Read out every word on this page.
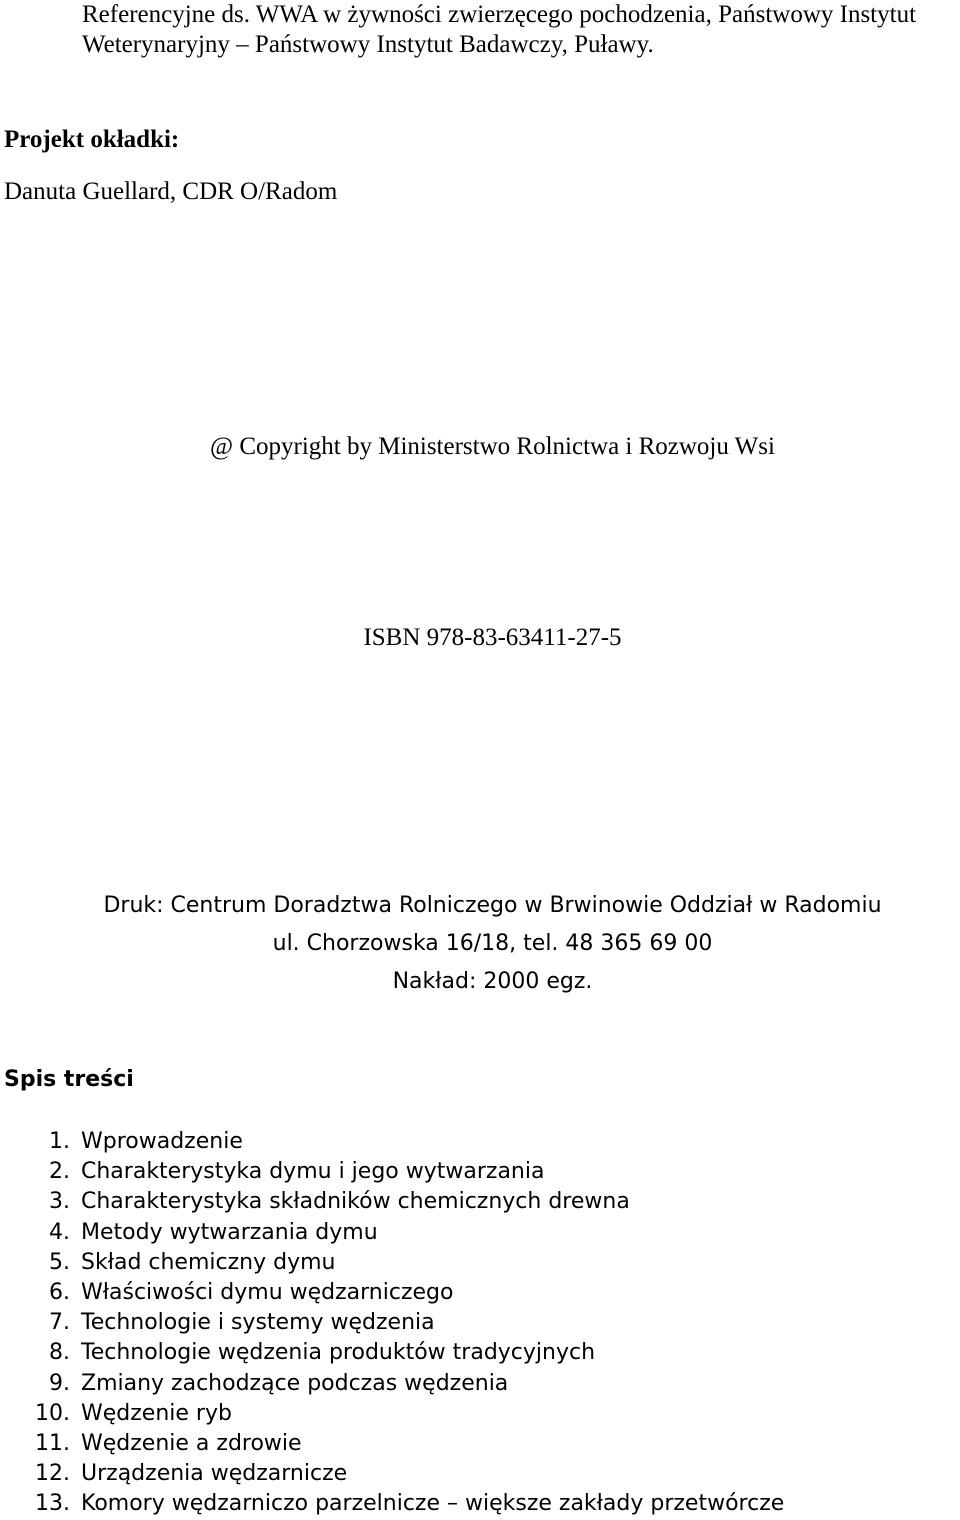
Referencyjne ds. WWA w żywności zwierzęcego pochodzenia, Państwowy Instytut
Weterynaryjny – Państwowy Instytut Badawczy, Puławy.
Projekt okładki:
Danuta Guellard, CDR O/Radom
@ Copyright by Ministerstwo Rolnictwa i Rozwoju Wsi
ISBN 978-83-63411-27-5
Druk: Centrum Doradztwa Rolniczego w Brwinowie Oddział w Radomiu
ul. Chorzowska 16/18, tel. 48 365 69 00
Nakład: 2000 egz.
Spis treści
1. Wprowadzenie
2. Charakterystyka dymu i jego wytwarzania
3. Charakterystyka składników chemicznych drewna
4. Metody wytwarzania dymu
5. Skład chemiczny dymu
6. Właściwości dymu wędzarniczego
7. Technologie i systemy wędzenia
8. Technologie wędzenia produktów tradycyjnych
9. Zmiany zachodzące podczas wędzenia
10. Wędzenie ryb
11. Wędzenie a zdrowie
12. Urządzenia wędzarnicze
13. Komory wędzarniczo parzelnicze – większe zakłady przetwórcze
